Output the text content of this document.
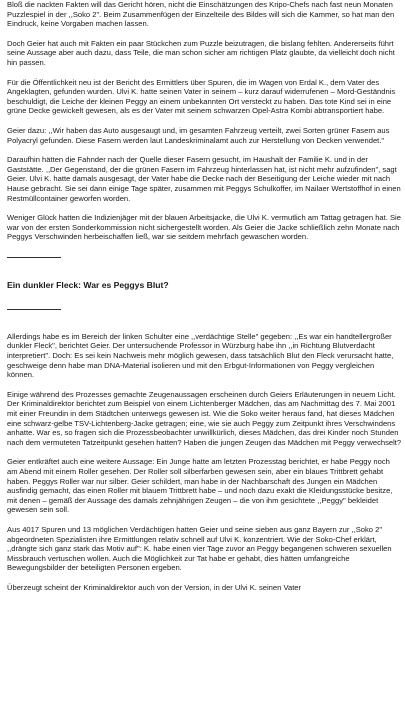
Bloß die nackten Fakten will das Gericht hören, nicht die Einschätzungen des Kripo-Chefs nach fast neun Monaten Puzzlespiel in der ,,Soko 2". Beim Zusammenfügen der Einzelteile des Bildes will sich die Kammer, so hat man den Eindruck, keine Vorgaben machen lassen.

Doch Geier hat auch mit Fakten ein paar Stückchen zum Puzzle beizutragen, die bislang fehlten. Andererseits führt seine Aussage aber auch dazu, dass Teile, die man schon sicher am richtigen Platz glaubte, da vielleicht doch nicht hin passen.

Für die Öffentlichkeit neu ist der Bericht des Ermittlers über Spuren, die im Wagen von Erdal K., dem Vater des Angeklagten, gefunden wurden. Ulvi K. hatte seinen Vater in seinem – kurz darauf widerrufenen – Mord-Geständnis beschuldigt, die Leiche der kleinen Peggy an einem unbekannten Ort versteckt zu haben. Das tote Kind sei in eine grüne Decke gewickelt gewesen, als es der Vater mit seinem schwarzen Opel-Astra Kombi abtransportiert habe.

Geier dazu: ,,Wir haben das Auto ausgesaugt und, im gesamten Fahrzeug verteilt, zwei Sorten grüner Fasern aus Polyacryl gefunden. Diese Fasern werden laut Landeskriminalamt auch zur Herstellung von Decken verwendet."

Daraufhin hätten die Fahnder nach der Quelle dieser Fasern gesucht, im Haushalt der Familie K. und in der Gaststätte. ,,Der Gegenstand, der die grünen Fasern im Fahrzeug hinterlassen hat, ist nicht mehr aufzufinden", sagt Geier. Ulvi K. hatte damals ausgesagt, der Vater habe die Decke nach der Beseitigung der Leiche wieder mit nach Hause gebracht. Sie sei dann einige Tage später, zusammen mit Peggys Schulkoffer, im Nailaer Wertstoffhof in einen Restmüllcontainer geworfen worden.

Weniger Glück hatten die Indizienjäger mit der blauen Arbeitsjacke, die Ulvi K. vermutlich am Tattag getragen hat. Sie war von der ersten Sonderkommission nicht sichergestellt worden. Als Geier die Jacke schließlich zehn Monate nach Peggys Verschwinden herbeischaffen ließ, war sie seitdem mehrfach gewaschen worden.

——————
Ein dunkler Fleck: War es Peggys Blut?
——————

Allerdings habe es im Bereich der linken Schulter eine ,,verdächtige Stelle" gegeben: ,,Es war ein handtellergroßer dunkler Fleck", berichtet Geier. Der untersuchende Professor in Würzburg habe ihn ,,in Richtung Blutverdacht interpretiert". Doch: Es sei kein Nachweis mehr möglich gewesen, dass tatsächlich Blut den Fleck verursacht hatte, geschweige denn habe man DNA-Material isolieren und mit den Erbgut-Informationen von Peggy vergleichen können.

Einige während des Prozesses gemachte Zeugenaussagen erscheinen durch Geiers Erläuterungen in neuem Licht. Der Kriminaldirektor berichtet zum Beispiel von einem Lichtenberger Mädchen, das am Nachmittag des 7. Mai 2001 mit einer Freundin in dem Städtchen unterwegs gewesen ist. Wie die Soko weiter heraus fand, hat dieses Mädchen eine schwarz-gelbe TSV-Lichtenberg-Jacke getragen; eine, wie sie auch Peggy zum Zeitpunkt ihres Verschwindens anhatte. War es, so fragen sich die Prozessbeobachter unwillkürlich, dieses Mädchen, das drei Kinder noch Stunden nach dem vermuteten Tatzeitpunkt gesehen hatten? Haben die jungen Zeugen das Mädchen mit Peggy verwechselt?

Geier entkräftet auch eine weitere Aussage: Ein Junge hatte am letzten Prozesstag berichtet, er habe Peggy noch am Abend mit einem Roller gesehen. Der Roller soll silberfarben gewesen sein, aber ein blaues Trittbrett gehabt haben. Peggys Roller war nur silber. Geier schildert, man habe in der Nachbarschaft des Jungen ein Mädchen ausfindig gemacht, das einen Roller mit blauem Trittbrett habe – und noch dazu exakt die Kleidungsstücke besitze, mit denen – gemäß der Aussage des damals zehnjährigen Zeugen – die von ihm gesichtete ,,Peggy" bekleidet gewesen sein soll.

Aus 4017 Spuren und 13 möglichen Verdächtigen hatten Geier und seine sieben aus ganz Bayern zur ,,Soko 2" abgeordneten Spezialisten ihre Ermittlungen relativ schnell auf Ulvi K. konzentriert. Wie der Soko-Chef erklärt, ,,drängte sich ganz stark das Motiv auf": K. habe einen vier Tage zuvor an Peggy begangenen schweren sexuellen Missbrauch vertuschen wollen. Auch die Möglichkeit zur Tat habe er gehabt, dies hätten umfangreiche Bewegungsbilder der beteiligten Personen ergeben.

Überzeugt scheint der Kriminaldirektor auch von der Version, in der Ulvi K. seinen Vater
